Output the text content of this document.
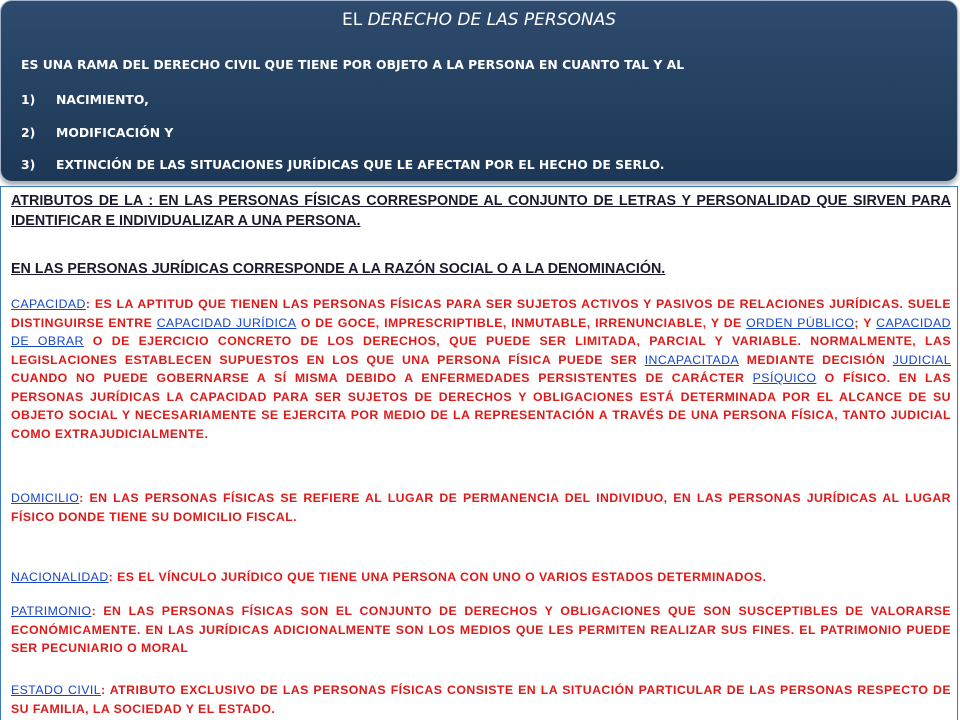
EL DERECHO DE LAS PERSONAS
ES UNA RAMA DEL DERECHO CIVIL QUE TIENE POR OBJETO A LA PERSONA EN CUANTO TAL Y AL
1) NACIMIENTO,
2) MODIFICACIÓN Y
3) EXTINCIÓN DE LAS SITUACIONES JURÍDICAS QUE LE AFECTAN POR EL HECHO DE SERLO.
ATRIBUTOS DE LA : EN LAS PERSONAS FÍSICAS CORRESPONDE AL CONJUNTO DE LETRAS Y PERSONALIDAD QUE SIRVEN PARA IDENTIFICAR E INDIVIDUALIZAR A UNA PERSONA.
EN LAS PERSONAS JURÍDICAS CORRESPONDE A LA RAZÓN SOCIAL O A LA DENOMINACIÓN.
CAPACIDAD: ES LA APTITUD QUE TIENEN LAS PERSONAS FÍSICAS PARA SER SUJETOS ACTIVOS Y PASIVOS DE RELACIONES JURÍDICAS. SUELE DISTINGUIRSE ENTRE CAPACIDAD JURÍDICA O DE GOCE, IMPRESCRIPTIBLE, INMUTABLE, IRRENUNCIABLE, Y DE ORDEN PÚBLICO; Y CAPACIDAD DE OBRAR O DE EJERCICIO CONCRETO DE LOS DERECHOS, QUE PUEDE SER LIMITADA, PARCIAL Y VARIABLE. NORMALMENTE, LAS LEGISLACIONES ESTABLECEN SUPUESTOS EN LOS QUE UNA PERSONA FÍSICA PUEDE SER INCAPACITADA MEDIANTE DECISIÓN JUDICIAL CUANDO NO PUEDE GOBERNARSE A SÍ MISMA DEBIDO A ENFERMEDADES PERSISTENTES DE CARÁCTER PSÍQUICO O FÍSICO. EN LAS PERSONAS JURÍDICAS LA CAPACIDAD PARA SER SUJETOS DE DERECHOS Y OBLIGACIONES ESTÁ DETERMINADA POR EL ALCANCE DE SU OBJETO SOCIAL Y NECESARIAMENTE SE EJERCITA POR MEDIO DE LA REPRESENTACIÓN A TRAVÉS DE UNA PERSONA FÍSICA, TANTO JUDICIAL COMO EXTRAJUDICIALMENTE.
DOMICILIO: EN LAS PERSONAS FÍSICAS SE REFIERE AL LUGAR DE PERMANENCIA DEL INDIVIDUO, EN LAS PERSONAS JURÍDICAS AL LUGAR FÍSICO DONDE TIENE SU DOMICILIO FISCAL.
NACIONALIDAD: ES EL VÍNCULO JURÍDICO QUE TIENE UNA PERSONA CON UNO O VARIOS ESTADOS DETERMINADOS.
PATRIMONIO: EN LAS PERSONAS FÍSICAS SON EL CONJUNTO DE DERECHOS Y OBLIGACIONES QUE SON SUSCEPTIBLES DE VALORARSE ECONÓMICAMENTE. EN LAS JURÍDICAS ADICIONALMENTE SON LOS MEDIOS QUE LES PERMITEN REALIZAR SUS FINES. EL PATRIMONIO PUEDE SER PECUNIARIO O MORAL
ESTADO CIVIL: ATRIBUTO EXCLUSIVO DE LAS PERSONAS FÍSICAS CONSISTE EN LA SITUACIÓN PARTICULAR DE LAS PERSONAS RESPECTO DE SU FAMILIA, LA SOCIEDAD Y EL ESTADO.
